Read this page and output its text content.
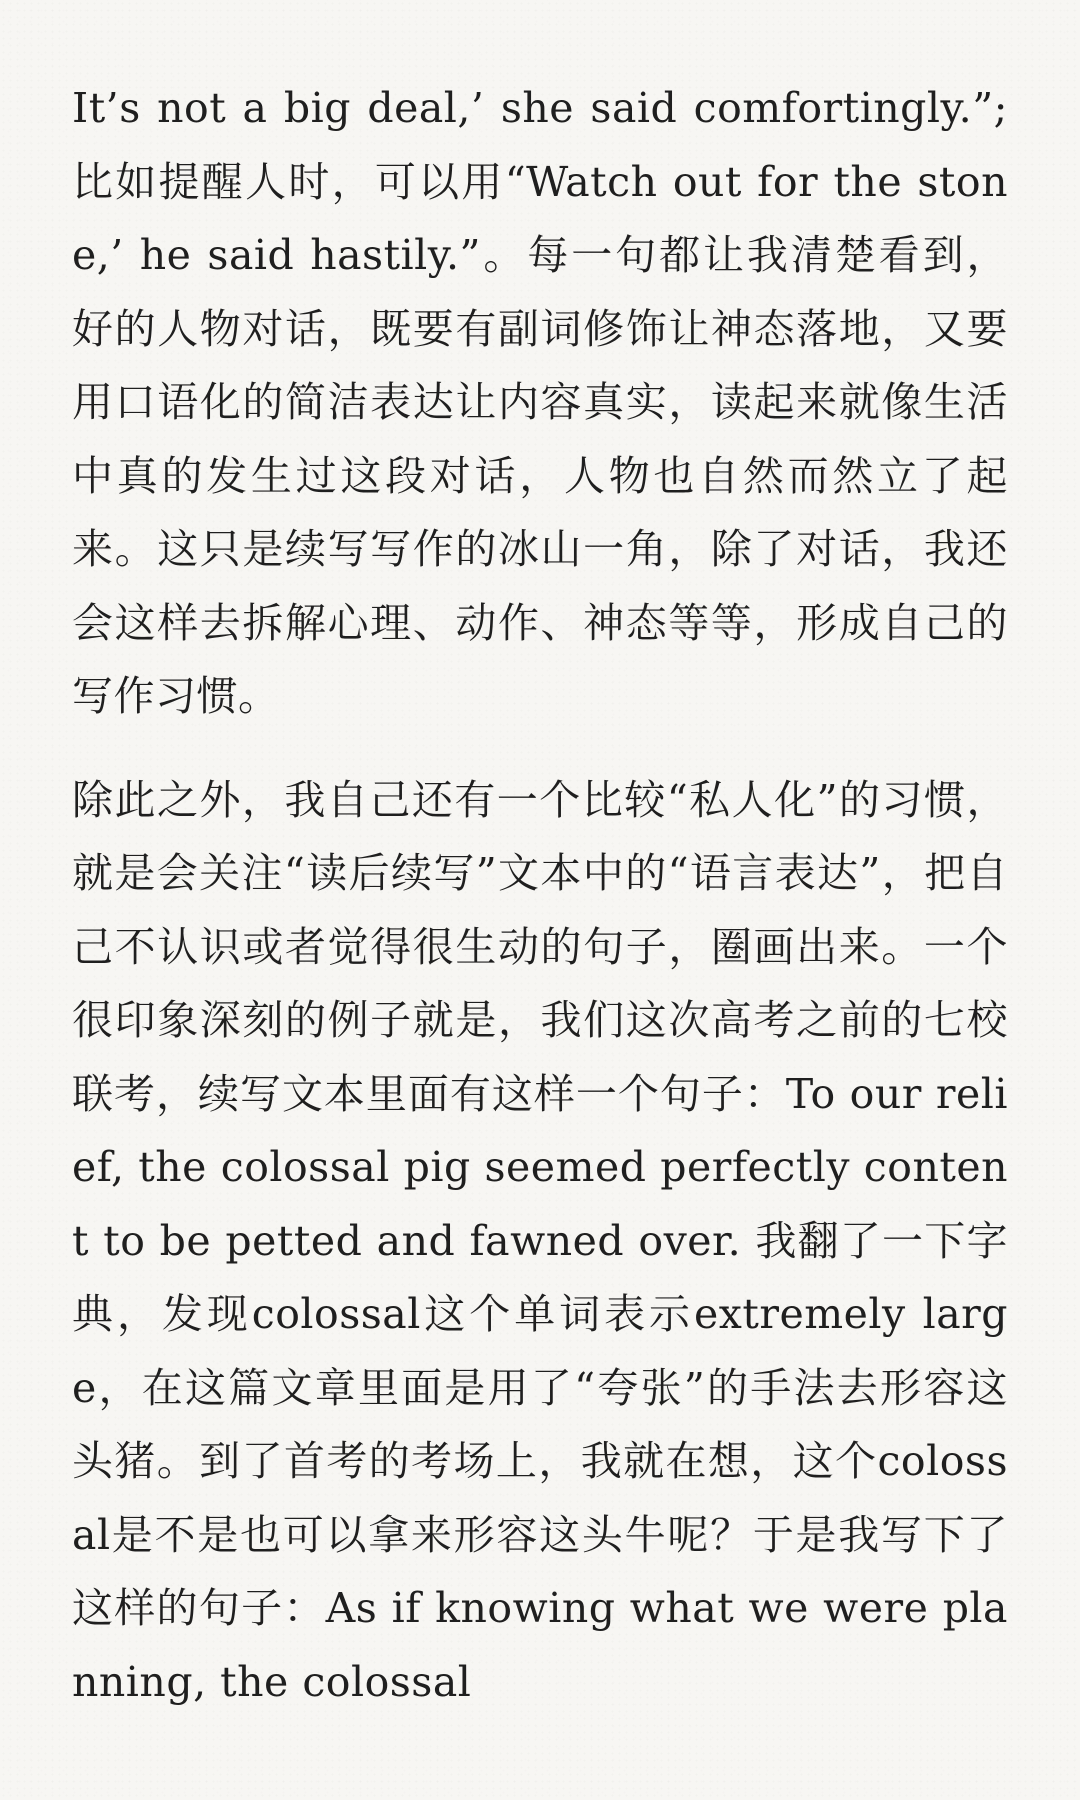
It’s not a big deal,’ she said comfortingly.”; 比如提醒人时，可以用“Watch out for the stone,’ he said hastily.”。每一句都让我清楚看到，好的人物对话，既要有副词修饰让神态落地，又要用口语化的简洁表达让内容真实，读起来就像生活中真的发生过这段对话，人物也自然而然立了起来。这只是续写写作的冰山一角，除了对话，我还会这样去拆解心理、动作、神态等等，形成自己的写作习惯。

除此之外，我自己还有一个比较“私人化”的习惯，就是会关注“读后续写”文本中的“语言表达”，把自己不认识或者觉得很生动的句子，圈画出来。一个很印象深刻的例子就是，我们这次高考之前的七校联考，续写文本里面有这样一个句子：To our relief, the colossal pig seemed perfectly content to be petted and fawned over. 我翻了一下字典，发现colossal这个单词表示extremely large，在这篇文章里面是用了“夸张”的手法去形容这头猪。到了首考的考场上，我就在想，这个colossal是不是也可以拿来形容这头牛呢？于是我写下了这样的句子：As if knowing what we were planning, the colossal
